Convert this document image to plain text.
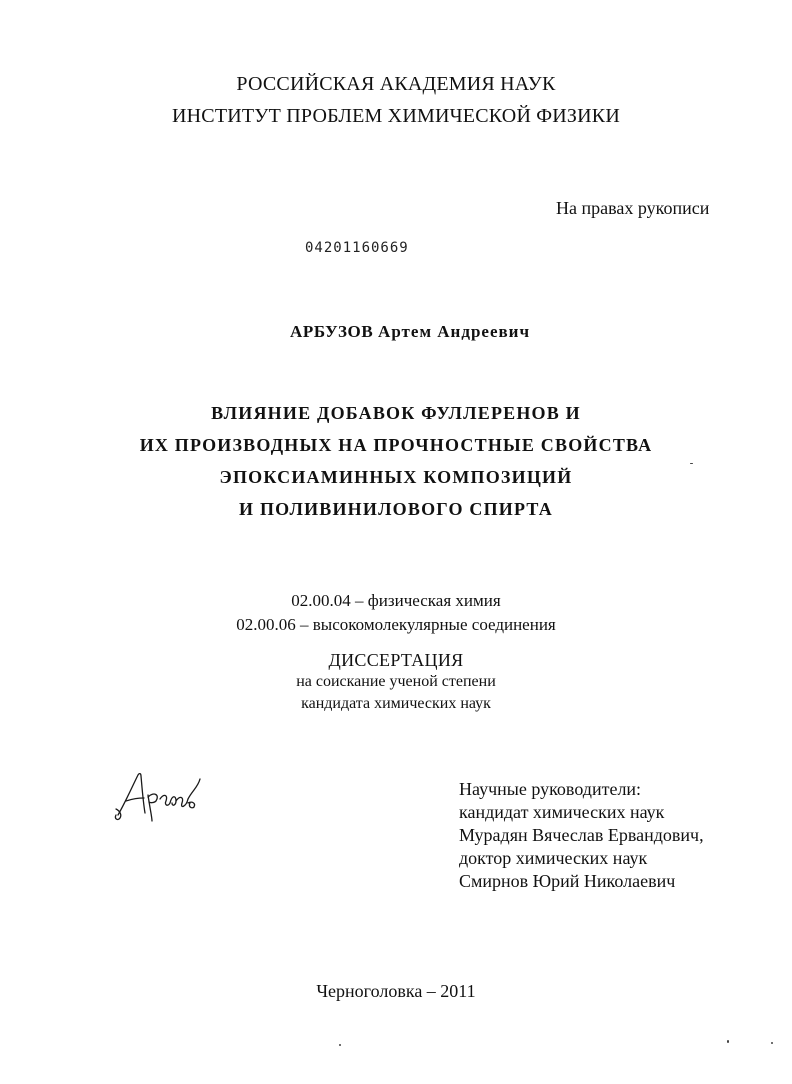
РОССИЙСКАЯ АКАДЕМИЯ НАУК
ИНСТИТУТ ПРОБЛЕМ ХИМИЧЕСКОЙ ФИЗИКИ
На правах рукописи
04201160669
АРБУЗОВ Артем Андреевич
ВЛИЯНИЕ ДОБАВОК ФУЛЛЕРЕНОВ И
ИХ ПРОИЗВОДНЫХ НА ПРОЧНОСТНЫЕ СВОЙСТВА
ЭПОКСИАМИННЫХ КОМПОЗИЦИЙ
И ПОЛИВИНИЛОВОГО СПИРТА
02.00.04 – физическая химия
02.00.06 – высокомолекулярные соединения
ДИССЕРТАЦИЯ
на соискание ученой степени
кандидата химических наук
Научные руководители:
кандидат химических наук
Мурадян Вячеслав Ервандович,
доктор химических наук
Смирнов Юрий Николаевич
Черноголовка – 2011
